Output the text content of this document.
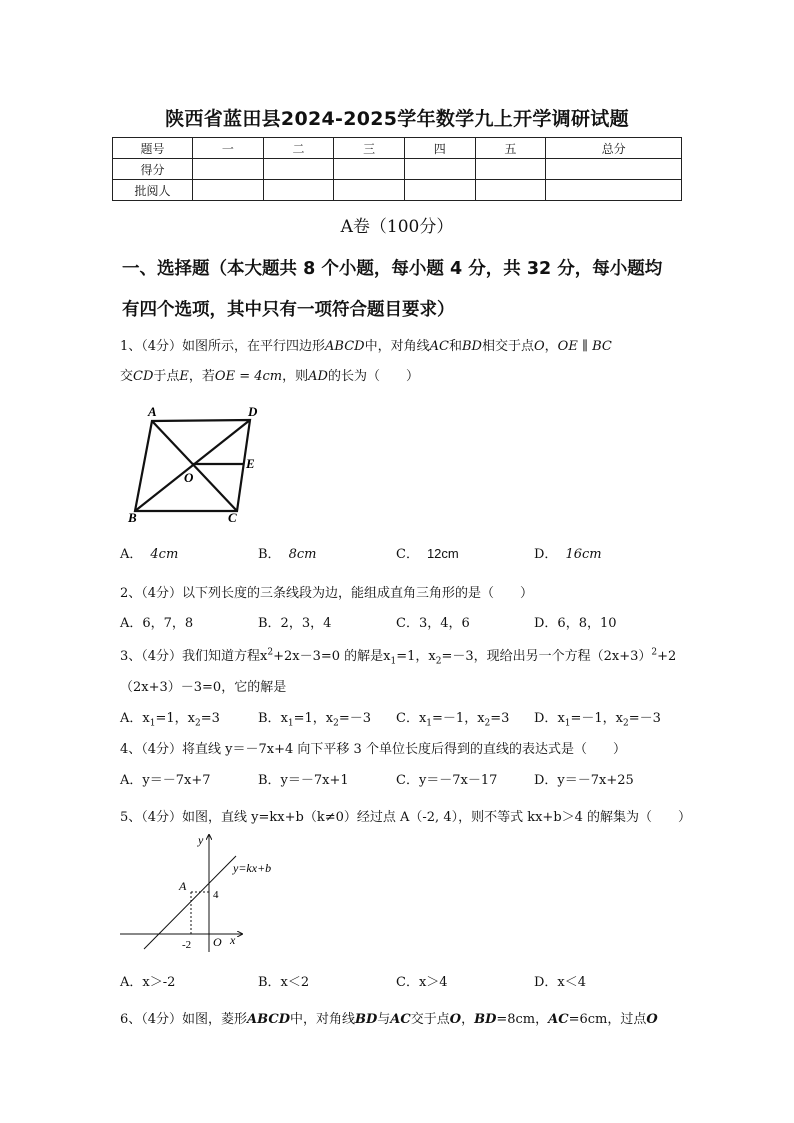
陕西省蓝田县2024-2025学年数学九上开学调研试题
题号	一	二	三	四	五	总分
得分						
批阅人						
A卷（100分）
一、选择题（本大题共 8 个小题，每小题 4 分，共 32 分，每小题均
有四个选项，其中只有一项符合题目要求）
1、（4分）如图所示，在平行四边形ABCD中，对角线AC和BD相交于点O，OE ∥ BC
交CD于点E，若OE = 4cm，则AD的长为（　　）
A	D
E
O
B	C
A． 4cm	B． 8cm	C． 12cm	D． 16cm
2、（4分）以下列长度的三条线段为边，能组成直角三角形的是（　　）
A．6，7，8	B．2，3，4	C．3，4，6	D．6，8，10
3、（4分）我们知道方程$x^2+2x-3=0$ 的解是$x_1=1$，$x_2=-3$，现给出另一个方程$(2x+3)^2+2$
（2x+3）－3=0，它的解是
A．$x_1=1$，$x_2=3$	B．$x_1=1$，$x_2=-3$ C．$x_1=-1$，$x_2=3$ D．$x_1=-1$，$x_2=-3$
4、（4分）将直线 y＝－7x+4 向下平移 3 个单位长度后得到的直线的表达式是（　　）
A．y＝－7x+7	B．y＝－7x+1	C．y＝－7x－17	D．y＝－7x+25
5、（4分）如图，直线 y=kx+b（k≠0）经过点 A（-2, 4），则不等式 kx+b＞4 的解集为（　　）
y
x
O
A
4
-2
y=kx+b
A．x＞-2	B．x＜2	C．x＞4	D．x＜4
6、（4分）如图，菱形ABCD中，对角线BD与AC交于点O，BD=8cm，AC=6cm，过点O
